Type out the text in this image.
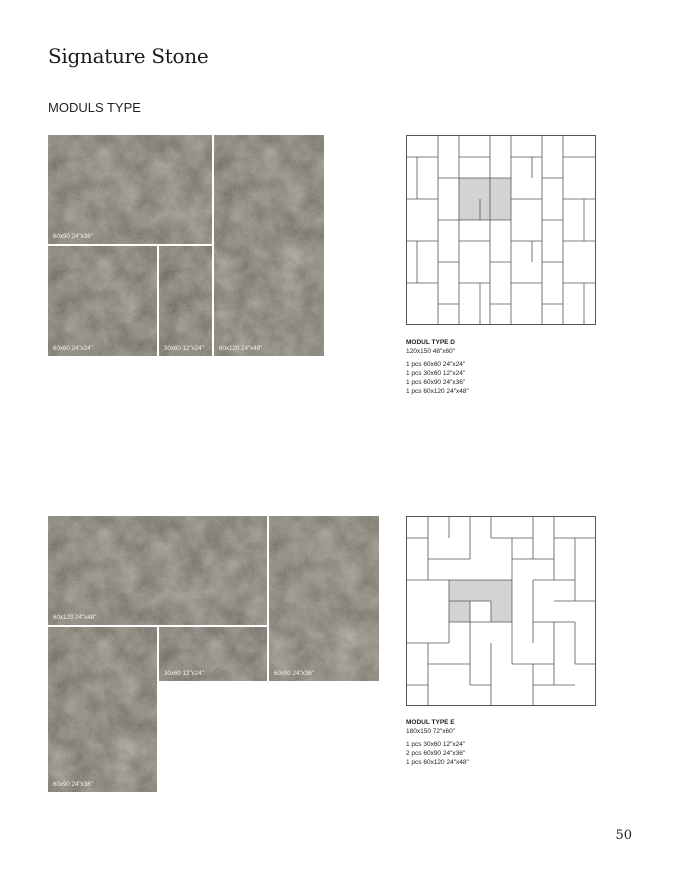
Signature Stone
MODULS TYPE
60x90 24"x36"
60x120 24"x48"
60x60 24"x24"	30x60 12"x24"
MODUL TYPE D
120x150 48"x60"
1 pcs 60x60 24"x24"
1 pcs 30x60 12"x24"
1 pcs 60x90 24"x36"
1 pcs 60x120 24"x48"
60x120 24"x48"
60x90 24"x36"
30x60 12"x24"
60x90 24"x36"
MODUL TYPE E
180x150 72"x60"
1 pcs 30x60 12"x24"
2 pcs 60x90 24"x36"
1 pcs 60x120 24"x48"
50
